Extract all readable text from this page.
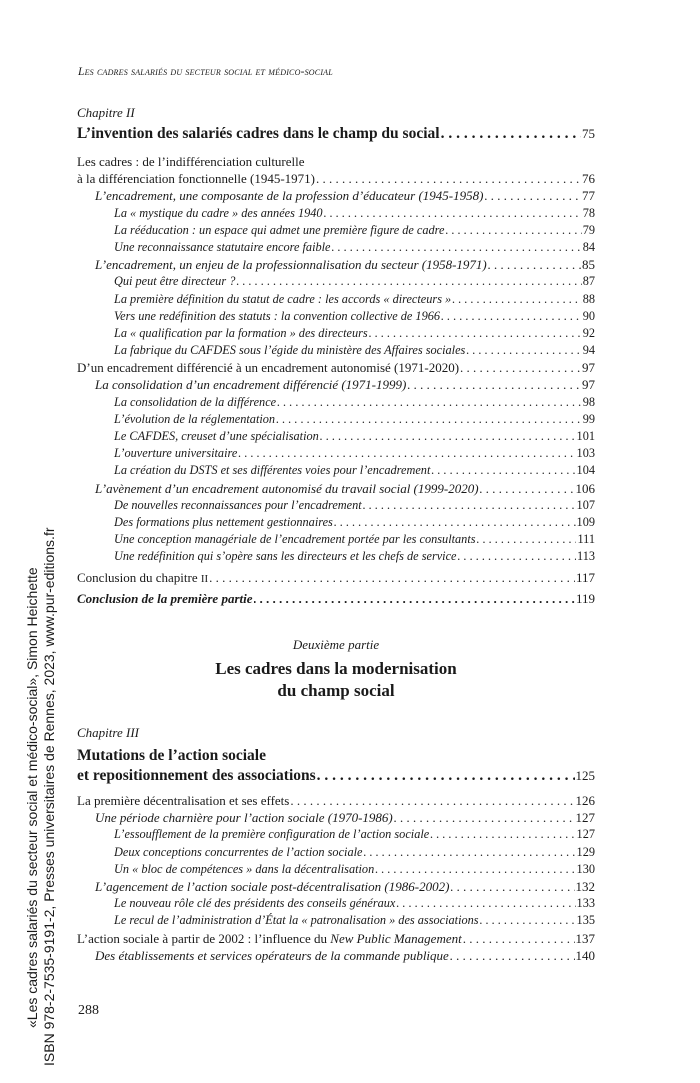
Les cadres salariés du secteur social et médico-social
Chapitre II
L’invention des salariés cadres dans le champ du social . . .	75
Les cadres : de l’indifférenciation culturelle
à la différenciation fonctionnelle (1945-1971) . . .	76
L’encadrement, une composante de la profession d’éducateur (1945-1958) . . .	77
La « mystique du cadre » des années 1940 . . .	78
La rééducation : un espace qui admet une première figure de cadre . . .	79
Une reconnaissance statutaire encore faible . . .	84
L’encadrement, un enjeu de la professionnalisation du secteur (1958-1971) . . .	85
Qui peut être directeur ? . . .	87
La première définition du statut de cadre : les accords « directeurs » . . .	88
Vers une redéfinition des statuts : la convention collective de 1966 . . .	90
La « qualification par la formation » des directeurs . . .	92
La fabrique du CAFDES sous l’égide du ministère des Affaires sociales . . .	94
D’un encadrement différencié à un encadrement autonomisé (1971-2020) . . .	97
La consolidation d’un encadrement différencié (1971-1999) . . .	97
La consolidation de la différence . . .	98
L’évolution de la réglementation . . .	99
Le CAFDES, creuset d’une spécialisation . . .	101
L’ouverture universitaire . . .	103
La création du DSTS et ses différentes voies pour l’encadrement . . .	104
L’avènement d’un encadrement autonomisé du travail social (1999-2020) . . .	106
De nouvelles reconnaissances pour l’encadrement . . .	107
Des formations plus nettement gestionnaires . . .	109
Une conception managériale de l’encadrement portée par les consultants . . .	111
Une redéfinition qui s’opère sans les directeurs et les chefs de service . . .	113
Conclusion du chapitre II . . .	117
Conclusion de la première partie . . .	119
Deuxième partie
Les cadres dans la modernisation
du champ social
Chapitre III
Mutations de l’action sociale
et repositionnement des associations . . .	125
La première décentralisation et ses effets . . .	126
Une période charnière pour l’action sociale (1970-1986) . . .	127
L’essoufflement de la première configuration de l’action sociale . . .	127
Deux conceptions concurrentes de l’action sociale . . .	129
Un « bloc de compétences » dans la décentralisation . . .	130
L’agencement de l’action sociale post-décentralisation (1986-2002) . . .	132
Le nouveau rôle clé des présidents des conseils généraux . . .	133
Le recul de l’administration d’État la « patronalisation » des associations . . .	135
L’action sociale à partir de 2002 : l’influence du New Public Management . . .	137
Des établissements et services opérateurs de la commande publique . . .	140
288
«Les cadres salariés du secteur social et médico-social», Simon Heichette ISBN 978-2-7535-9191-2, Presses universitaires de Rennes, 2023, www.pur-editions.fr
